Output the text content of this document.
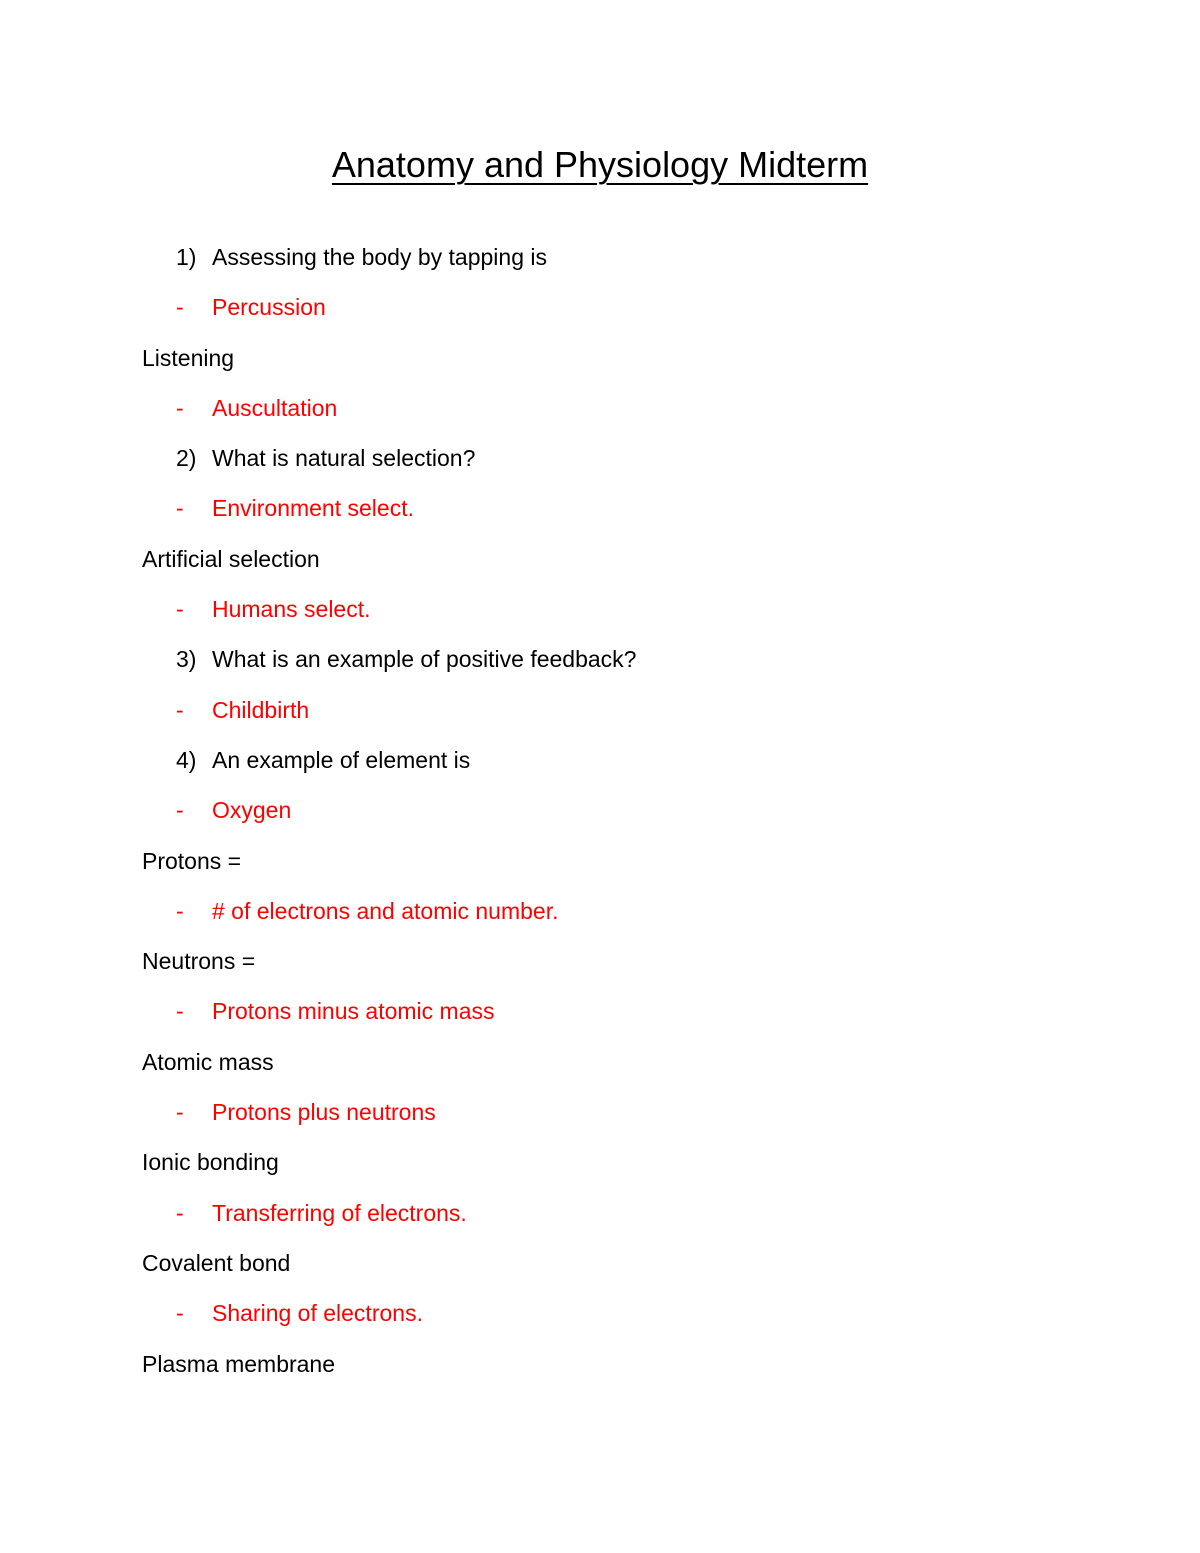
Anatomy and Physiology Midterm
1) Assessing the body by tapping is
- Percussion
Listening
- Auscultation
2) What is natural selection?
- Environment select.
Artificial selection
- Humans select.
3) What is an example of positive feedback?
- Childbirth
4) An example of element is
- Oxygen
Protons =
- # of electrons and atomic number.
Neutrons =
- Protons minus atomic mass
Atomic mass
- Protons plus neutrons
Ionic bonding
- Transferring of electrons.
Covalent bond
- Sharing of electrons.
Plasma membrane
